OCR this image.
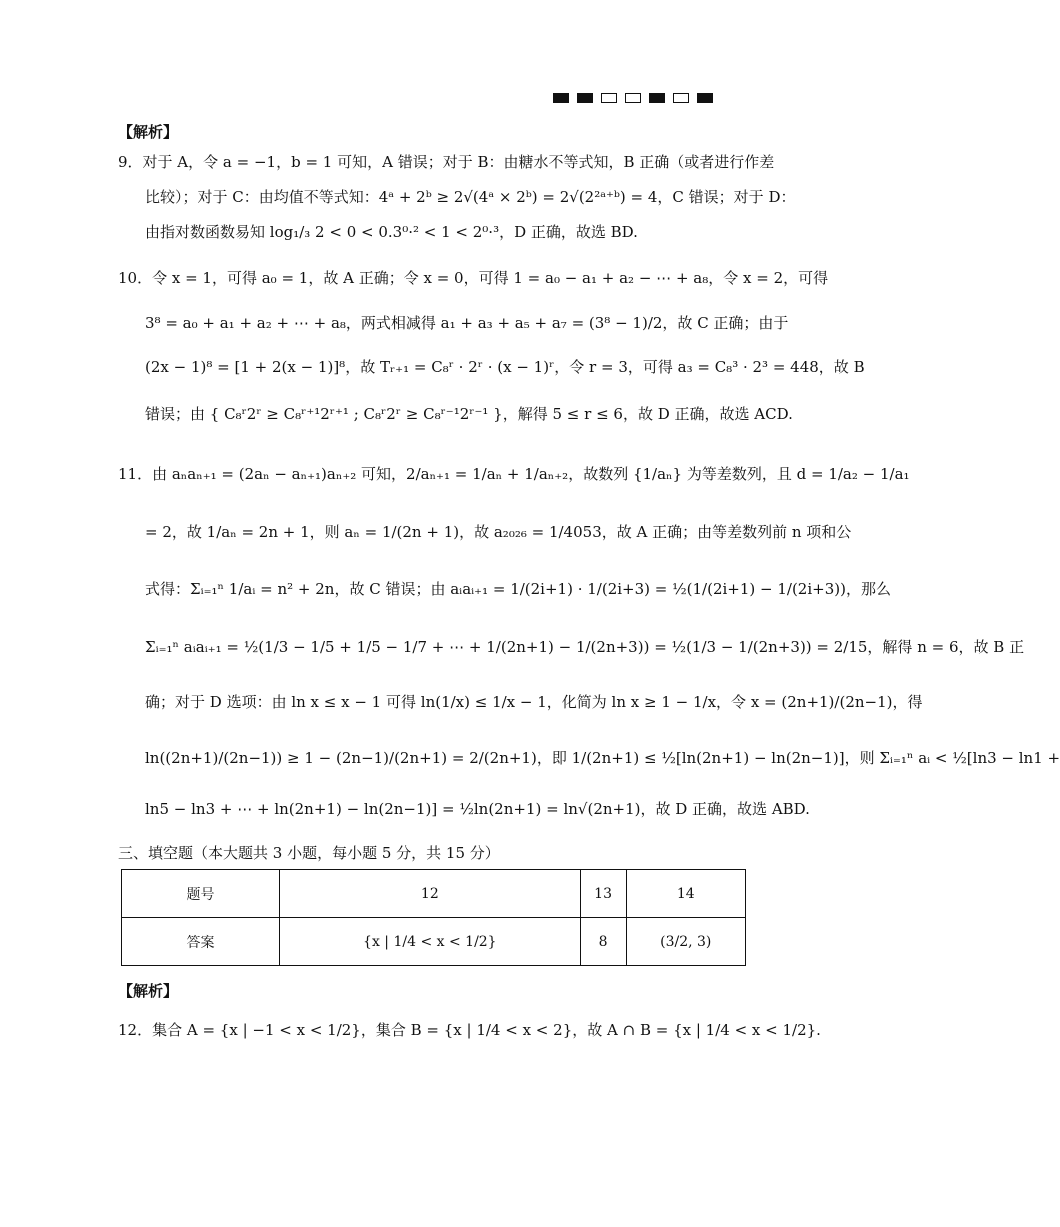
【解析】
9．对于 A，令 a = −1，b = 1 可知，A 错误；对于 B：由糖水不等式知，B 正确（或者进行作差
比较）；对于 C：由均值不等式知：4ᵃ + 2ᵇ ≥ 2√(4ᵃ × 2ᵇ) = 2√(2²ᵃ⁺ᵇ) = 4，C 错误；对于 D：
由指对数函数易知 log₁/₃ 2 < 0 < 0.3⁰·² < 1 < 2⁰·³，D 正确，故选 BD.
10．令 x = 1，可得 a₀ = 1，故 A 正确；令 x = 0，可得 1 = a₀ − a₁ + a₂ − ⋯ + a₈，令 x = 2，可得
3⁸ = a₀ + a₁ + a₂ + ⋯ + a₈，两式相减得 a₁ + a₃ + a₅ + a₇ = (3⁸ − 1)/2，故 C 正确；由于
(2x − 1)⁸ = [1 + 2(x − 1)]⁸，故 Tᵣ₊₁ = C₈ʳ · 2ʳ · (x − 1)ʳ，令 r = 3，可得 a₃ = C₈³ · 2³ = 448，故 B
错误；由 { C₈ʳ2ʳ ≥ C₈ʳ⁺¹2ʳ⁺¹ ; C₈ʳ2ʳ ≥ C₈ʳ⁻¹2ʳ⁻¹ }，解得 5 ≤ r ≤ 6，故 D 正确，故选 ACD.
11．由 aₙaₙ₊₁ = (2aₙ − aₙ₊₁)aₙ₊₂ 可知，2/aₙ₊₁ = 1/aₙ + 1/aₙ₊₂，故数列 {1/aₙ} 为等差数列，且 d = 1/a₂ − 1/a₁
= 2，故 1/aₙ = 2n + 1，则 aₙ = 1/(2n + 1)，故 a₂₀₂₆ = 1/4053，故 A 正确；由等差数列前 n 项和公
式得：Σᵢ₌₁ⁿ 1/aᵢ = n² + 2n，故 C 错误；由 aᵢaᵢ₊₁ = 1/(2i+1) · 1/(2i+3) = ½(1/(2i+1) − 1/(2i+3))，那么
Σᵢ₌₁ⁿ aᵢaᵢ₊₁ = ½(1/3 − 1/5 + 1/5 − 1/7 + ⋯ + 1/(2n+1) − 1/(2n+3)) = ½(1/3 − 1/(2n+3)) = 2/15，解得 n = 6，故 B 正
确；对于 D 选项：由 ln x ≤ x − 1 可得 ln(1/x) ≤ 1/x − 1，化简为 ln x ≥ 1 − 1/x，令 x = (2n+1)/(2n−1)，得
ln((2n+1)/(2n−1)) ≥ 1 − (2n−1)/(2n+1) = 2/(2n+1)，即 1/(2n+1) ≤ ½[ln(2n+1) − ln(2n−1)]，则 Σᵢ₌₁ⁿ aᵢ < ½[ln3 − ln1 +
ln5 − ln3 + ⋯ + ln(2n+1) − ln(2n−1)] = ½ln(2n+1) = ln√(2n+1)，故 D 正确，故选 ABD.
三、填空题（本大题共 3 小题，每小题 5 分，共 15 分）
题号	12	13	14
答案	{x | 1/4 < x < 1/2}	8	(3/2, 3)
【解析】
12．集合 A = {x | −1 < x < 1/2}，集合 B = {x | 1/4 < x < 2}，故 A ∩ B = {x | 1/4 < x < 1/2}.
